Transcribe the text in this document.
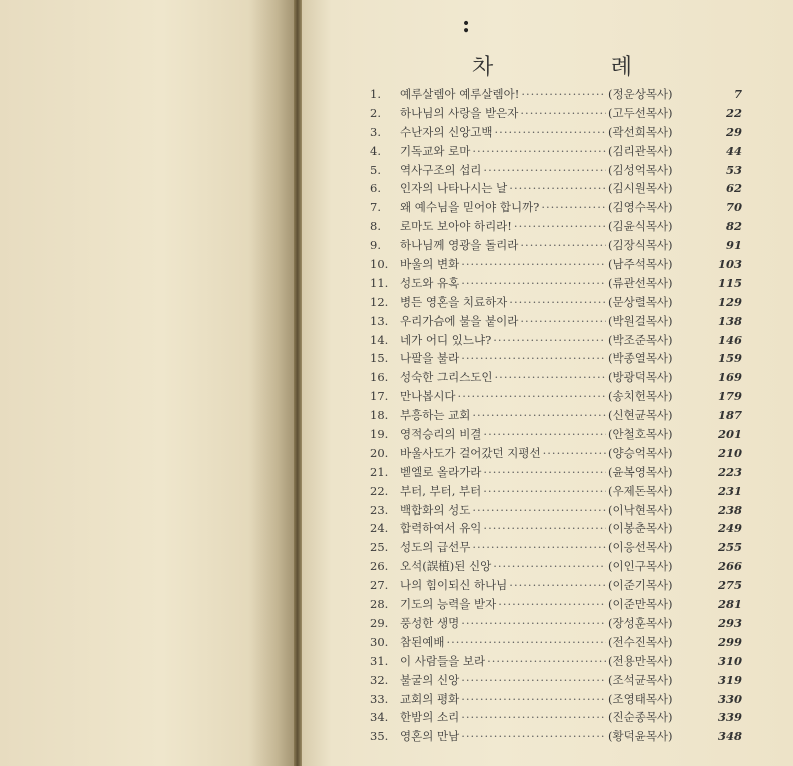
:
차	례
1.	예루살렘아 예루살렘아! ·····	(정운상목사)	7
2.	하나님의 사랑을 받은자 ·····	(고두선목사)	22
3.	수난자의 신앙고백 ·····	(곽선희목사)	29
4.	기독교와 로마 ·····	(김리관목사)	44
5.	역사구조의 섭리 ·····	(김성억목사)	53
6.	인자의 나타나시는 날 ·····	(김시원목사)	62
7.	왜 예수님을 믿어야 합니까? ·····	(김영수목사)	70
8.	로마도 보아야 하리라! ·····	(김윤식목사)	82
9.	하나님께 영광을 돌리라 ·····	(김장식목사)	91
10.	바울의 변화 ·····	(남주석목사)	103
11.	성도와 유혹 ·····	(류관선목사)	115
12.	병든 영혼을 치료하자 ·····	(문상렬목사)	129
13.	우리가슴에 불을 붙이라 ·····	(박원걸목사)	138
14.	네가 어디 있느냐? ·····	(박조준목사)	146
15.	나팔을 불라 ·····	(박종열목사)	159
16.	성숙한 그리스도인 ·····	(방광덕목사)	169
17.	만나봅시다 ·····	(송치헌목사)	179
18.	부흥하는 교회 ·····	(신현균목사)	187
19.	영적승리의 비결 ·····	(안철호목사)	201
20.	바울사도가 걸어갔던 지평선 ·····	(양승억목사)	210
21.	벧엘로 올라가라 ·····	(윤복영목사)	223
22.	부터, 부터, 부터 ·····	(우제돈목사)	231
23.	백합화의 성도 ·····	(이낙현목사)	238
24.	합력하여서 유익 ·····	(이봉춘목사)	249
25.	성도의 급선무 ·····	(이응선목사)	255
26.	오석(誤植)된 신앙 ·····	(이인구목사)	266
27.	나의 힘이되신 하나님 ·····	(이준기목사)	275
28.	기도의 능력을 받자 ·····	(이준만목사)	281
29.	풍성한 생명 ·····	(장성훈목사)	293
30.	참된예배 ·····	(전수진목사)	299
31.	이 사람들을 보라 ·····	(전용만목사)	310
32.	불굴의 신앙 ·····	(조석균목사)	319
33.	교회의 평화 ·····	(조영태목사)	330
34.	한밤의 소리 ·····	(진순종목사)	339
35.	영혼의 만남 ·····	(황덕윤목사)	348
